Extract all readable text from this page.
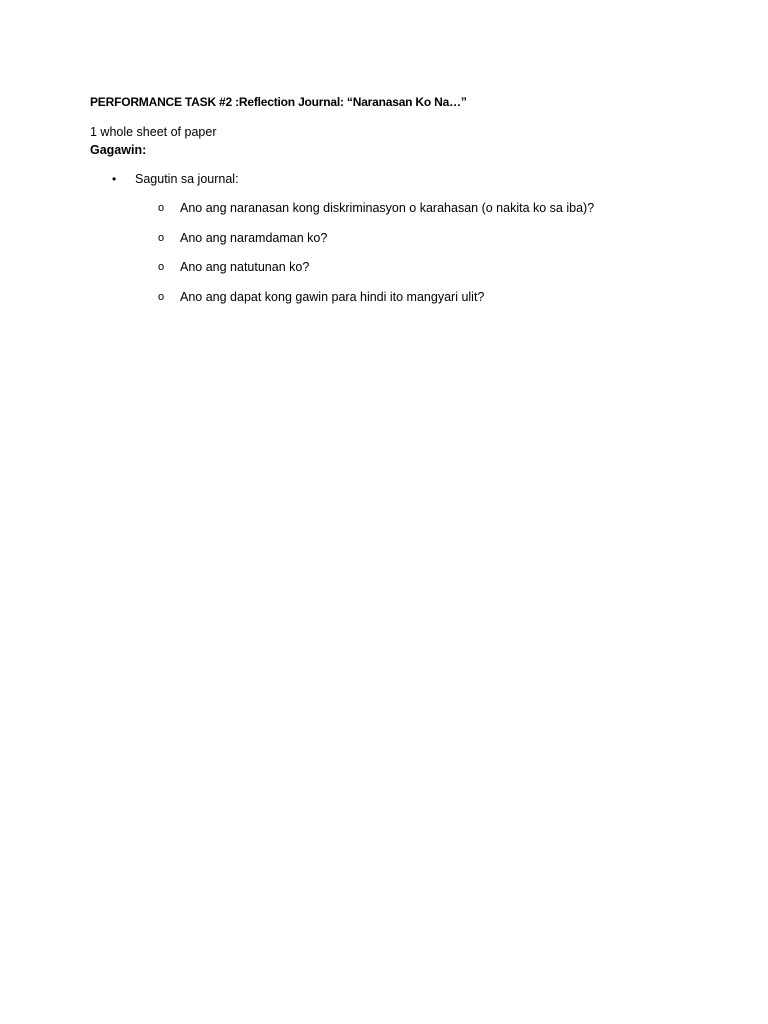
PERFORMANCE TASK #2 :Reflection Journal: “Naranasan Ko Na…”
1 whole sheet of paper
Gagawin:
• Sagutin sa journal:
o Ano ang naranasan kong diskriminasyon o karahasan (o nakita ko sa iba)?
o Ano ang naramdaman ko?
o Ano ang natutunan ko?
o Ano ang dapat kong gawin para hindi ito mangyari ulit?
